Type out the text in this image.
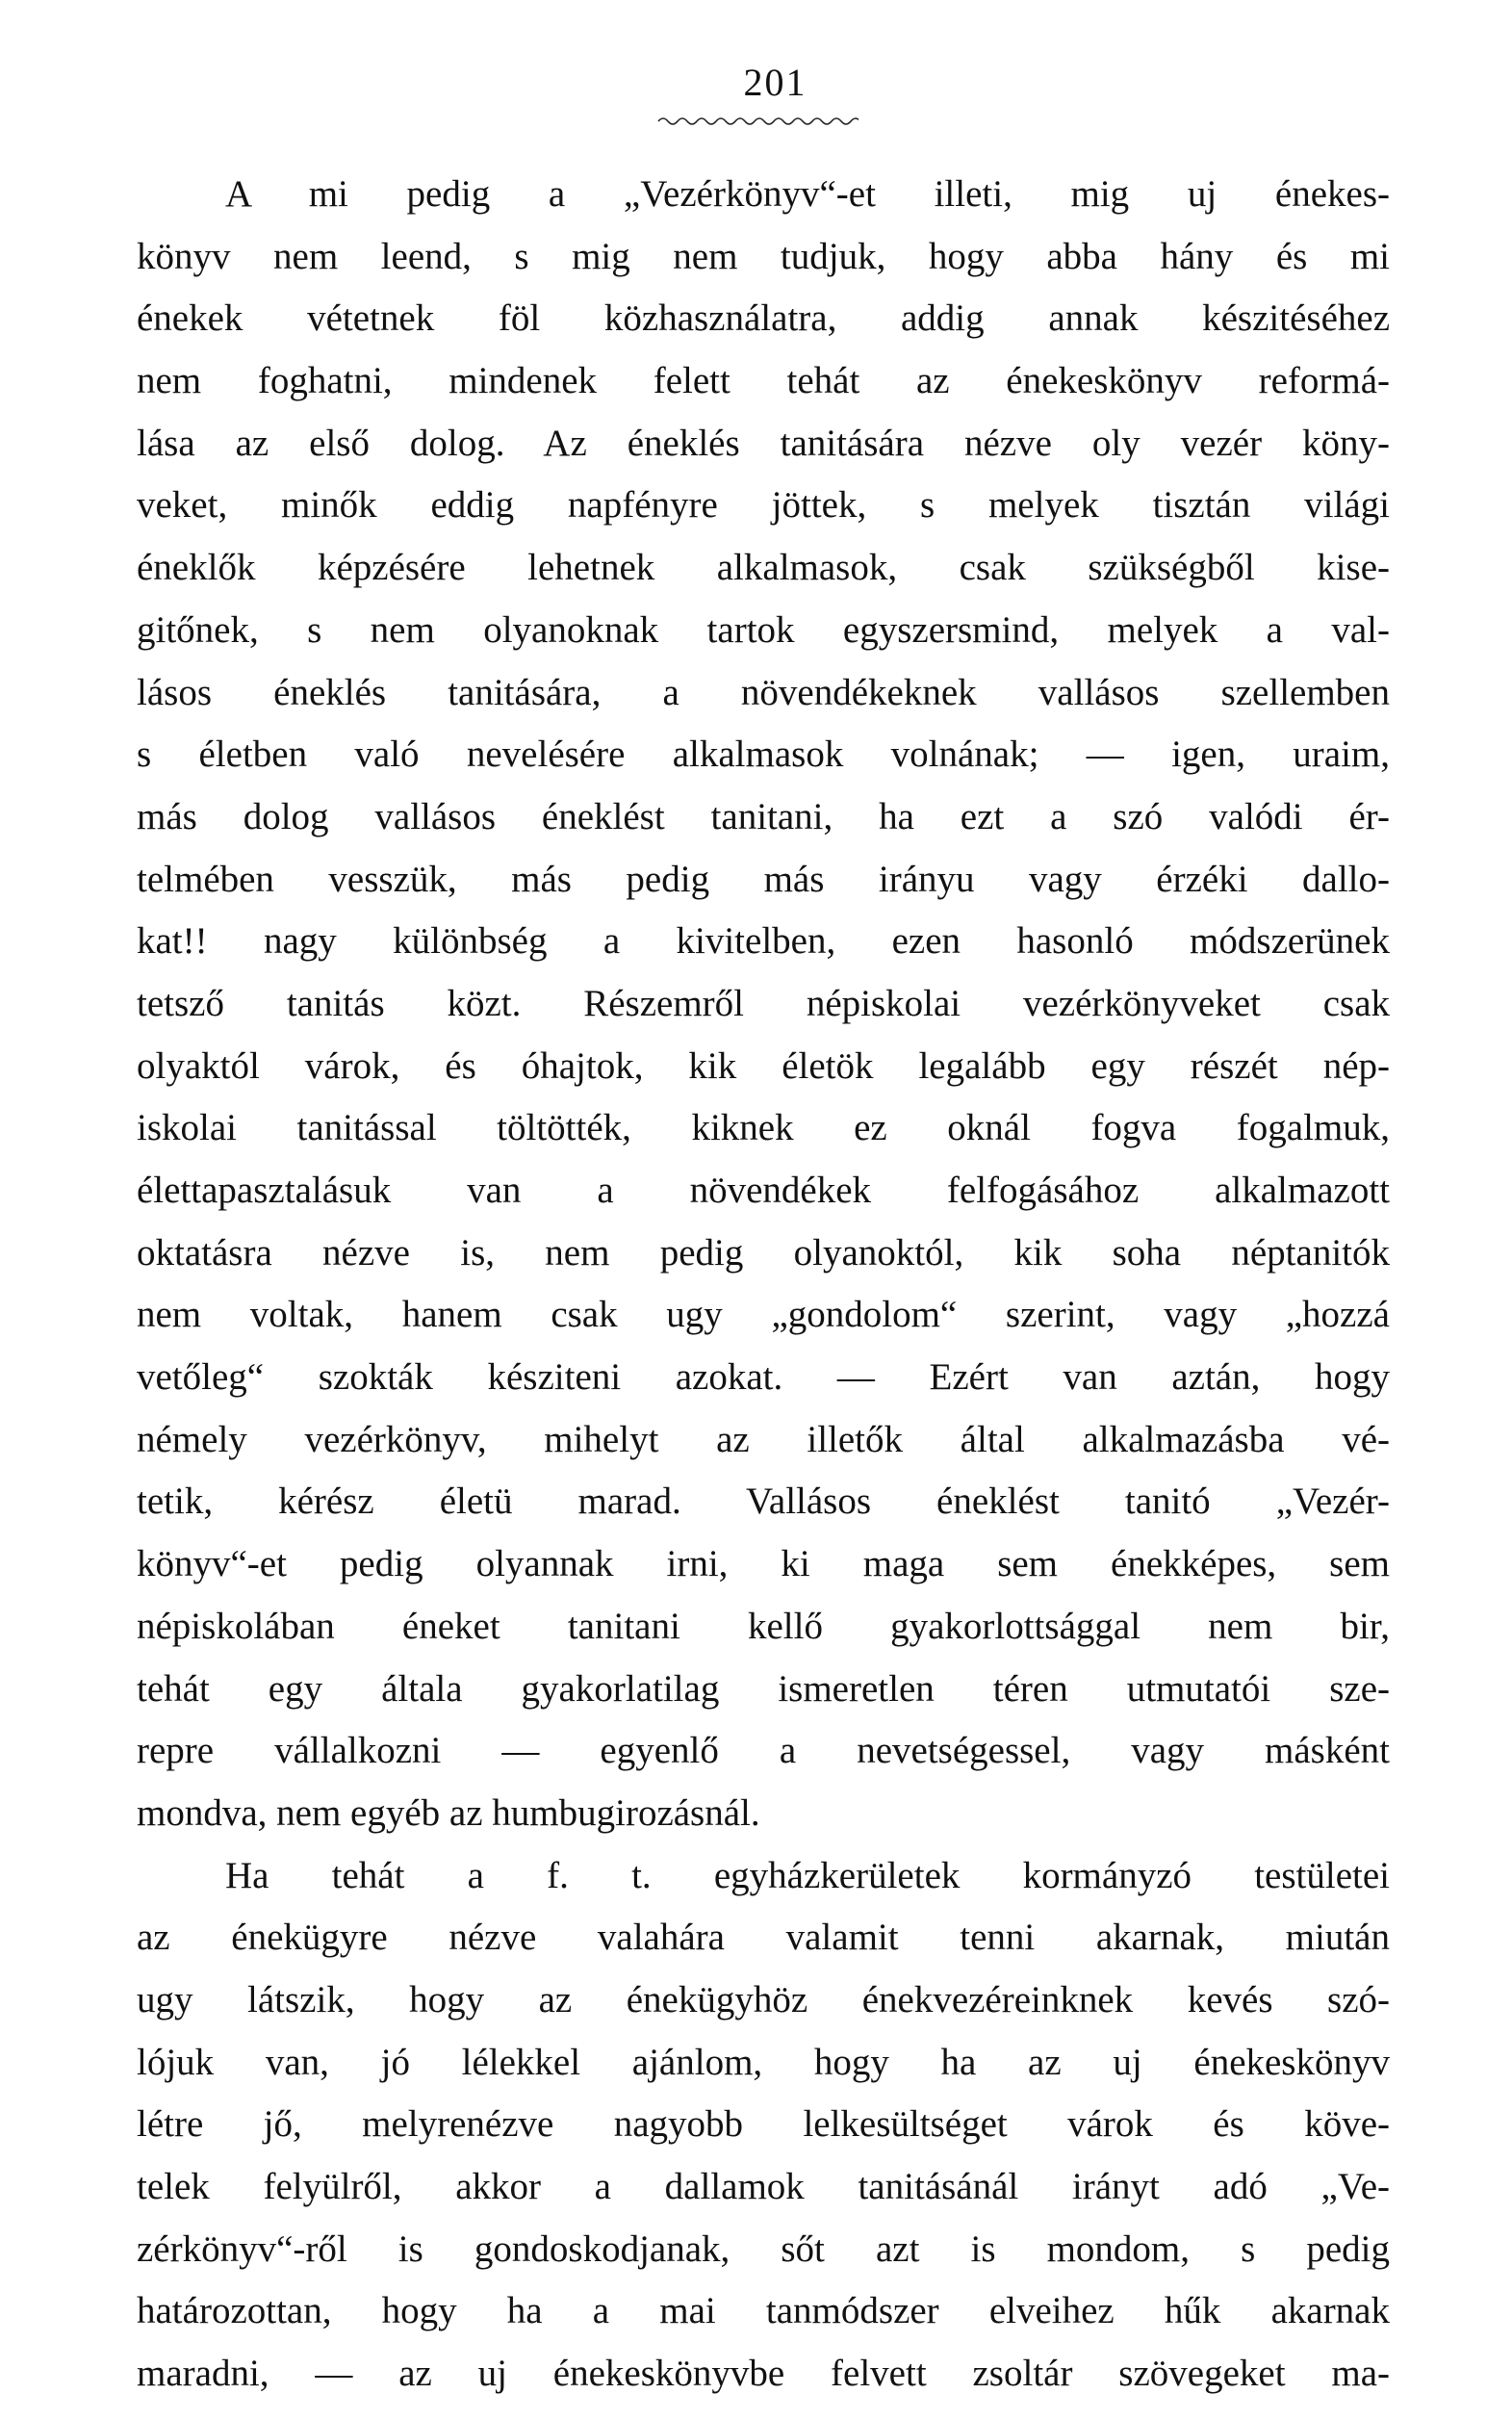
201
A mi pedig a „Vezérkönyv“-et illeti, mig uj énekes-
könyv nem leend, s mig nem tudjuk, hogy abba hány és mi
énekek vétetnek föl közhasználatra, addig annak készitéséhez
nem foghatni, mindenek felett tehát az énekeskönyv reformá-
lása az első dolog. Az éneklés tanitására nézve oly vezér köny-
veket, minők eddig napfényre jöttek, s melyek tisztán világi
éneklők képzésére lehetnek alkalmasok, csak szükségből kise-
gitőnek, s nem olyanoknak tartok egyszersmind, melyek a val-
lásos éneklés tanitására, a növendékeknek vallásos szellemben
s életben való nevelésére alkalmasok volnának; — igen, uraim,
más dolog vallásos éneklést tanitani, ha ezt a szó valódi ér-
telmében vesszük, más pedig más irányu vagy érzéki dallo-
kat!! nagy különbség a kivitelben, ezen hasonló módszerünek
tetsző tanitás közt. Részemről népiskolai vezérkönyveket csak
olyaktól várok, és óhajtok, kik életök legalább egy részét nép-
iskolai tanitással töltötték, kiknek ez oknál fogva fogalmuk,
élettapasztalásuk van a növendékek felfogásához alkalmazott
oktatásra nézve is, nem pedig olyanoktól, kik soha néptanitók
nem voltak, hanem csak ugy „gondolom“ szerint, vagy „hozzá
vetőleg“ szokták késziteni azokat. — Ezért van aztán, hogy
némely vezérkönyv, mihelyt az illetők által alkalmazásba vé-
tetik, kérész életü marad. Vallásos éneklést tanitó „Vezér-
könyv“-et pedig olyannak irni, ki maga sem énekképes, sem
népiskolában éneket tanitani kellő gyakorlottsággal nem bir,
tehát egy általa gyakorlatilag ismeretlen téren utmutatói sze-
repre vállalkozni — egyenlő a nevetségessel, vagy másként
mondva, nem egyéb az humbugirozásnál.
Ha tehát a f. t. egyházkerületek kormányzó testületei
az énekügyre nézve valahára valamit tenni akarnak, miután
ugy látszik, hogy az énekügyhöz énekvezéreinknek kevés szó-
lójuk van, jó lélekkel ajánlom, hogy ha az uj énekeskönyv
létre jő, melyrenézve nagyobb lelkesültséget várok és köve-
telek felyülről, akkor a dallamok tanitásánál irányt adó „Ve-
zérkönyv“-ről is gondoskodjanak, sőt azt is mondom, s pedig
határozottan, hogy ha a mai tanmódszer elveihez hűk akarnak
maradni, — az uj énekeskönyvbe felvett zsoltár szövegeket ma-
